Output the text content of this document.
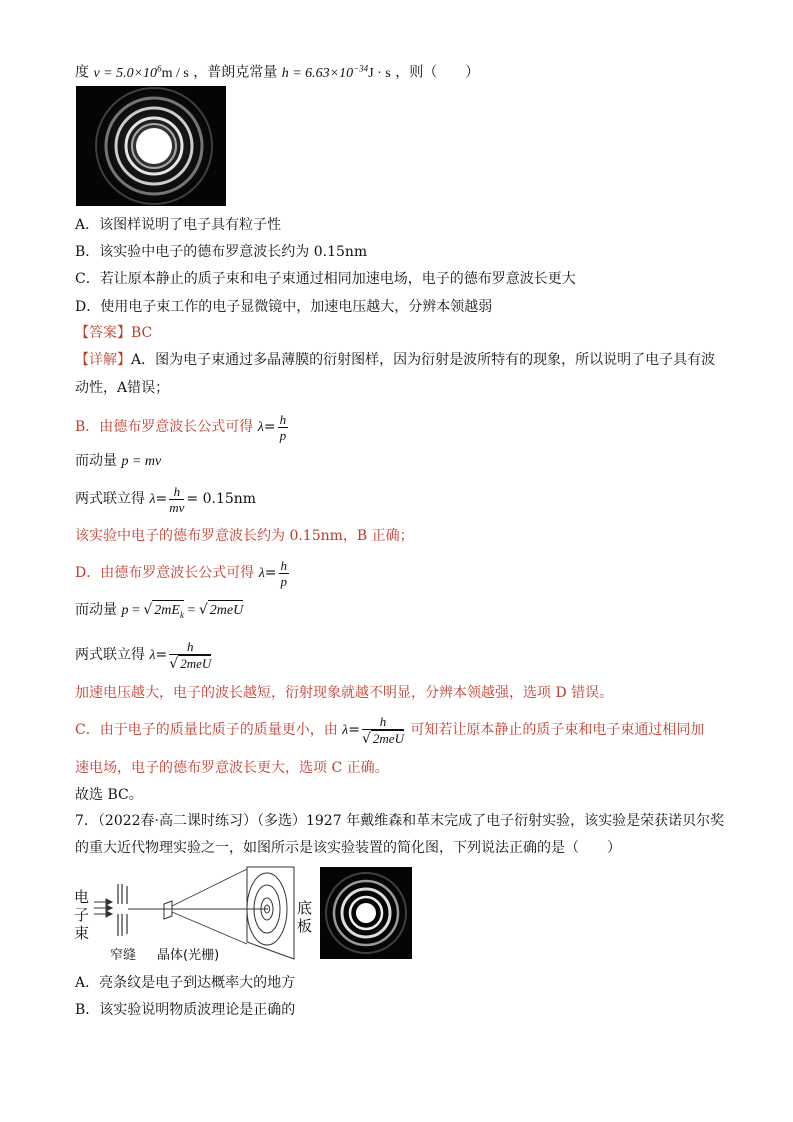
度 $v = 5.0\times 10^6m / s$ ，普朗克常量 $h = 6.63\times 10^{-34}J \cdot s$ ，则（　　）
A．该图样说明了电子具有粒子性
B．该实验中电子的德布罗意波长约为 0.15nm
C．若让原本静止的质子束和电子束通过相同加速电场，电子的德布罗意波长更大
D．使用电子束工作的电子显微镜中，加速电压越大，分辨本领越弱
【答案】BC
【详解】A．图为电子束通过多晶薄膜的衍射图样，因为衍射是波所特有的现象，所以说明了电子具有波
动性，A错误；
B．由德布罗意波长公式可得 $\lambda= \frac{h}{p}$
而动量 p = mv
两式联立得 $\lambda= \frac{h}{mv} = 0.15nm$
该实验中电子的德布罗意波长约为 0.15nm，B 正确；
D．由德布罗意波长公式可得 $\lambda= \frac{h}{p}$
而动量 p = √ $2mE_k$ = √ 2meU
两式联立得 $\lambda= \frac{h}{\text{√ 2meU}}$
加速电压越大，电子的波长越短，衍射现象就越不明显，分辨本领越强，选项 D 错误。
C．由于电子的质量比质子的质量更小，由 $\lambda= \frac{h}{\text{√ 2meU}}$ 可知若让原本静止的质子束和电子束通过相同加
速电场，电子的德布罗意波长更大，选项 C 正确。
故选 BC。
7．（2022春·高二课时练习）（多选）1927 年戴维森和革末完成了电子衍射实验，该实验是荣获诺贝尔奖
的重大近代物理实验之一，如图所示是该实验装置的简化图，下列说法正确的是（　　）
电
子
束
窄缝 晶体(光栅)
底
板
A．亮条纹是电子到达概率大的地方
B．该实验说明物质波理论是正确的
